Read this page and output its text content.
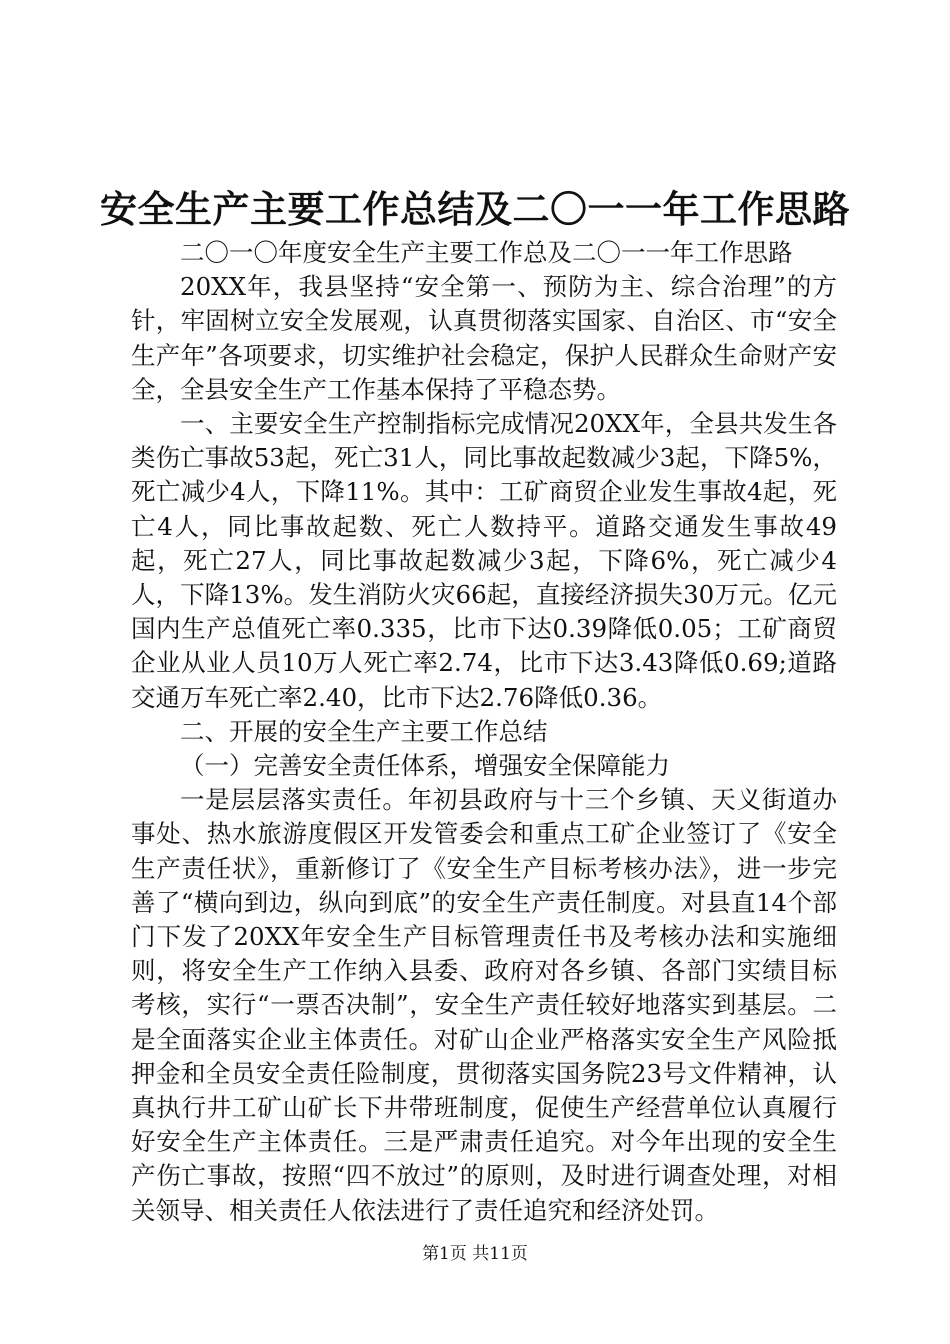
安全生产主要工作总结及二〇一一年工作思路

二〇一〇年度安全生产主要工作总及二〇一一年工作思路

20XX年，我县坚持“安全第一、预防为主、综合治理”的方针，牢固树立安全发展观，认真贯彻落实国家、自治区、市“安全生产年”各项要求，切实维护社会稳定，保护人民群众生命财产安全，全县安全生产工作基本保持了平稳态势。

一、主要安全生产控制指标完成情况20XX年，全县共发生各类伤亡事故53起，死亡31人，同比事故起数减少3起，下降5%，死亡减少4人，下降11%。其中：工矿商贸企业发生事故4起，死亡4人，同比事故起数、死亡人数持平。道路交通发生事故49起，死亡27人，同比事故起数减少3起，下降6%，死亡减少4人，下降13%。发生消防火灾66起，直接经济损失30万元。亿元国内生产总值死亡率0.335，比市下达0.39降低0.05；工矿商贸企业从业人员10万人死亡率2.74，比市下达3.43降低0.69;道路交通万车死亡率2.40，比市下达2.76降低0.36。

二、开展的安全生产主要工作总结

（一）完善安全责任体系，增强安全保障能力

一是层层落实责任。年初县政府与十三个乡镇、天义街道办事处、热水旅游度假区开发管委会和重点工矿企业签订了《安全生产责任状》，重新修订了《安全生产目标考核办法》，进一步完善了“横向到边，纵向到底”的安全生产责任制度。对县直14个部门下发了20XX年安全生产目标管理责任书及考核办法和实施细则，将安全生产工作纳入县委、政府对各乡镇、各部门实绩目标考核，实行“一票否决制”，安全生产责任较好地落实到基层。二是全面落实企业主体责任。对矿山企业严格落实安全生产风险抵押金和全员安全责任险制度，贯彻落实国务院23号文件精神，认真执行井工矿山矿长下井带班制度，促使生产经营单位认真履行好安全生产主体责任。三是严肃责任追究。对今年出现的安全生产伤亡事故，按照“四不放过”的原则，及时进行调查处理，对相关领导、相关责任人依法进行了责任追究和经济处罚。

第1页 共11页
